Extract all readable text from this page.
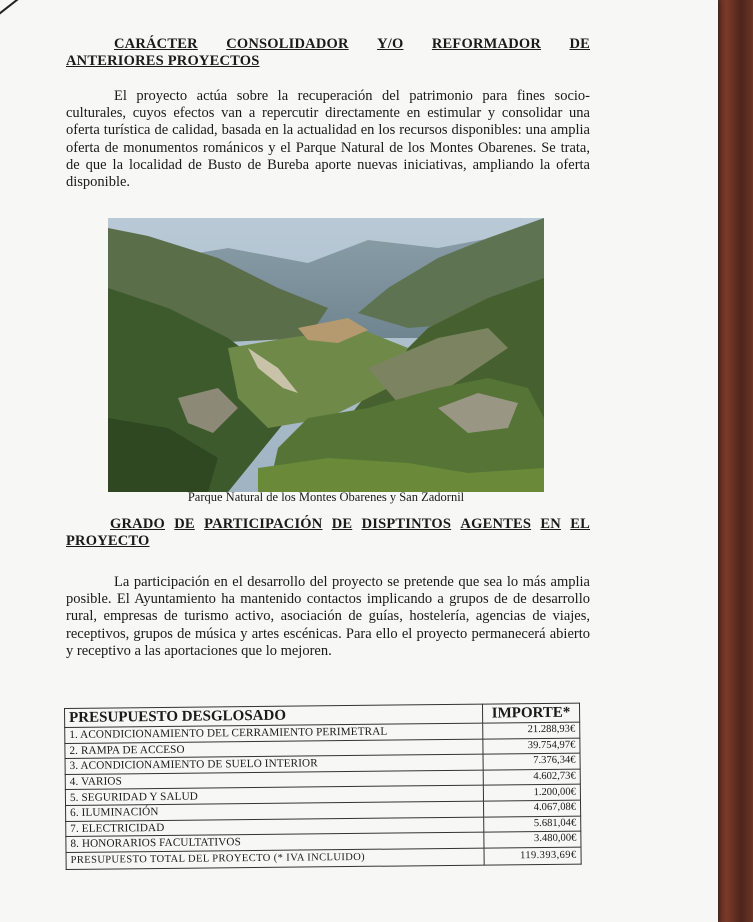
CARÁCTER CONSOLIDADOR Y/O REFORMADOR DE
ANTERIORES PROYECTOS
El proyecto actúa sobre la recuperación del patrimonio para fines socio-culturales, cuyos efectos van a repercutir directamente en estimular y consolidar una oferta turística de calidad, basada en la actualidad en los recursos disponibles: una amplia oferta de monumentos románicos y el Parque Natural de los Montes Obarenes. Se trata, de que la localidad de Busto de Bureba aporte nuevas iniciativas, ampliando la oferta disponible.
Parque Natural de los Montes Obarenes y San Zadornil
GRADO DE PARTICIPACIÓN DE DISPTINTOS AGENTES EN EL
PROYECTO
La participación en el desarrollo del proyecto se pretende que sea lo más amplia posible. El Ayuntamiento ha mantenido contactos implicando a grupos de de desarrollo rural, empresas de turismo activo, asociación de guías, hostelería, agencias de viajes, receptivos, grupos de música y artes escénicas. Para ello el proyecto permanecerá abierto y receptivo a las aportaciones que lo mejoren.
PRESUPUESTO DESGLOSADO	IMPORTE*
1. ACONDICIONAMIENTO DEL CERRAMIENTO PERIMETRAL	21.288,93€
2. RAMPA DE ACCESO	39.754,97€
3. ACONDICIONAMIENTO DE SUELO INTERIOR	7.376,34€
4. VARIOS	4.602,73€
5. SEGURIDAD Y SALUD	1.200,00€
6. ILUMINACIÓN	4.067,08€
7. ELECTRICIDAD	5.681,04€
8. HONORARIOS FACULTATIVOS	3.480,00€
PRESUPUESTO TOTAL DEL PROYECTO (* IVA INCLUIDO)	119.393,69€
